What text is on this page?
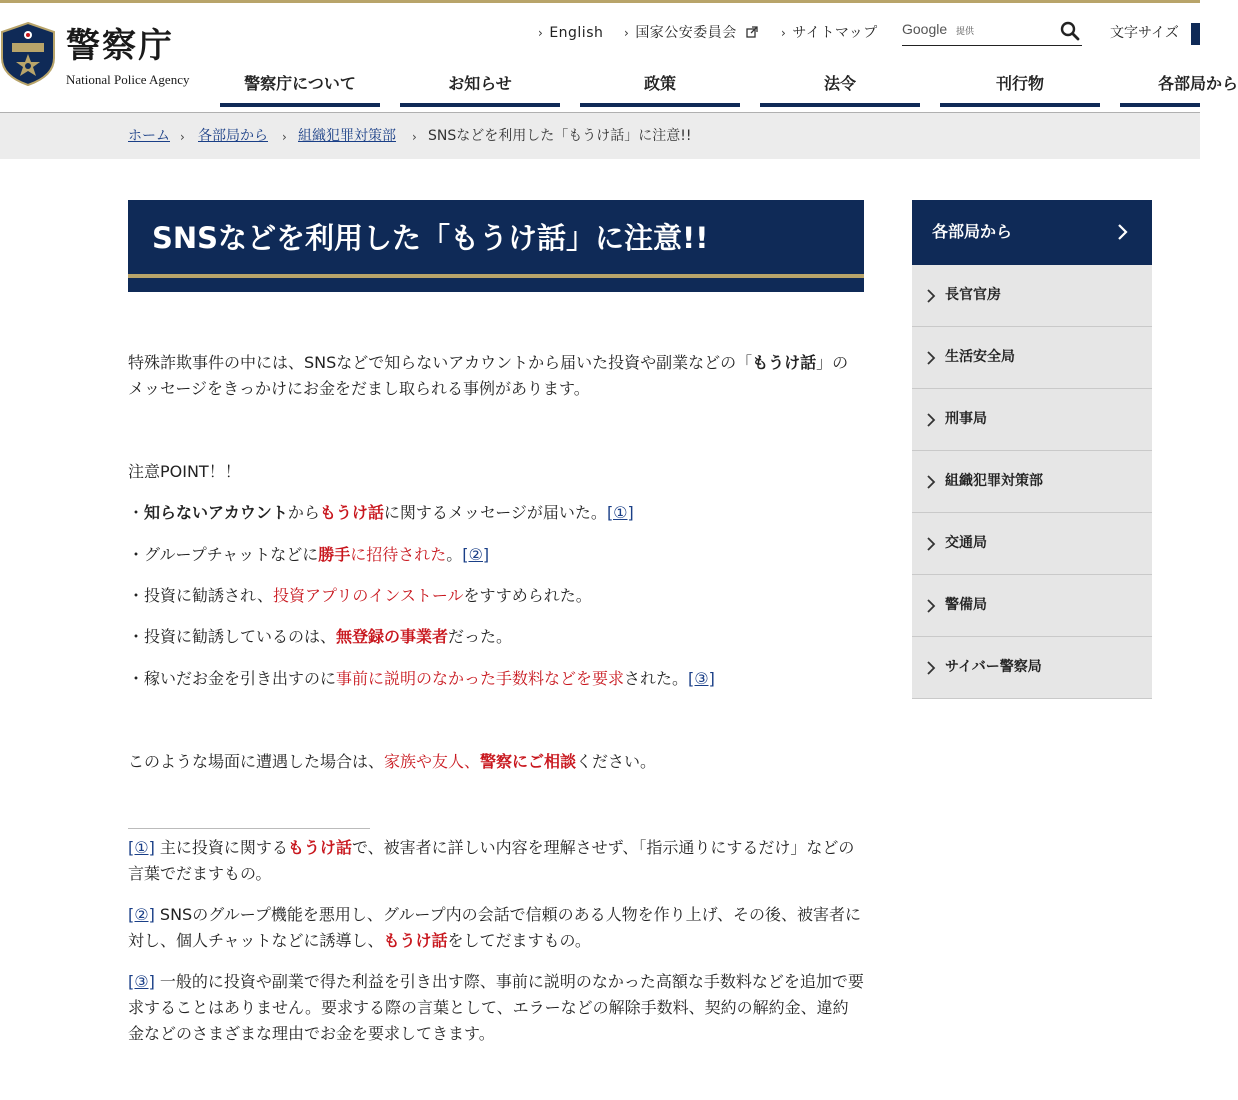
警察庁
National Police Agency
› English › 国家公安委員会	› サイトマップ Google 提供	文字サイズ
警察庁について	お知らせ	政策	法令	刊行物	各部局から
ホーム › 各部局から › 組織犯罪対策部 › SNSなどを利用した「もうけ話」に注意!!
SNSなどを利用した「もうけ話」に注意!!
特殊詐欺事件の中には、SNSなどで知らないアカウントから届いた投資や副業などの「もうけ話」のメッセージをきっかけにお金をだまし取られる事例があります。
注意POINT！！
・知らないアカウントからもうけ話に関するメッセージが届いた。[①]
・グループチャットなどに勝手に招待された。[②]
・投資に勧誘され、投資アプリのインストールをすすめられた。
・投資に勧誘しているのは、無登録の事業者だった。
・稼いだお金を引き出すのに事前に説明のなかった手数料などを要求された。[③]
このような場面に遭遇した場合は、家族や友人、警察にご相談ください。
[①] 主に投資に関するもうけ話で、被害者に詳しい内容を理解させず、「指示通りにするだけ」などの言葉でだますもの。
[②] SNSのグループ機能を悪用し、グループ内の会話で信頼のある人物を作り上げ、その後、被害者に対し、個人チャットなどに誘導し、もうけ話をしてだますもの。
[③] 一般的に投資や副業で得た利益を引き出す際、事前に説明のなかった高額な手数料などを追加で要求することはありません。要求する際の言葉として、エラーなどの解除手数料、契約の解約金、違約金などのさまざまな理由でお金を要求してきます。
各部局から
長官官房
生活安全局
刑事局
組織犯罪対策部
交通局
警備局
サイバー警察局
